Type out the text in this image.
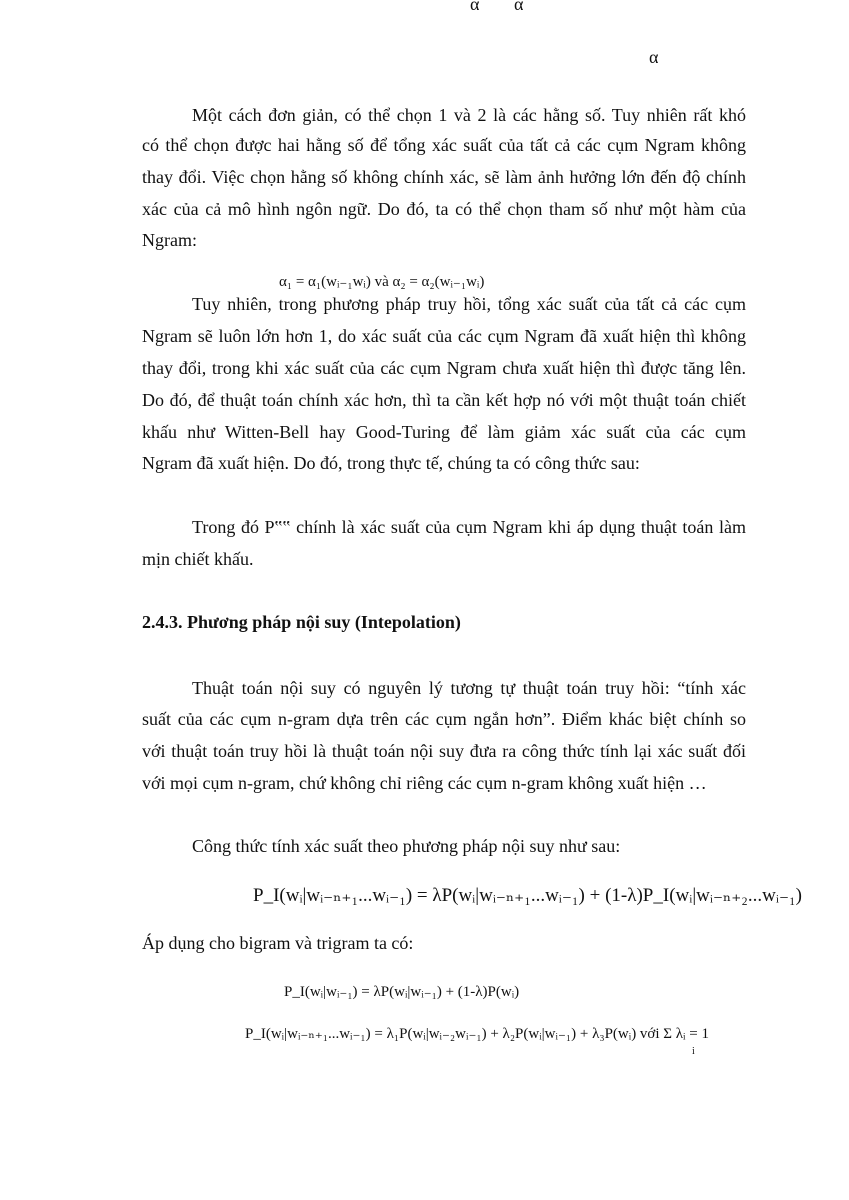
α α
α
Một cách đơn giản, có thể chọn 1 và 2 là các hằng số. Tuy nhiên rất khó
có thể chọn được hai hằng số để tổng xác suất của tất cả các cụm Ngram không
thay đổi. Việc chọn hằng số không chính xác, sẽ làm ảnh hưởng lớn đến độ chính
xác của cả mô hình ngôn ngữ. Do đó, ta có thể chọn tham số như một hàm của
Ngram:
α₁ = α₁(wᵢ₋₁wᵢ) và α₂ = α₂(wᵢ₋₁wᵢ)
Tuy nhiên, trong phương pháp truy hồi, tổng xác suất của tất cả các cụm
Ngram sẽ luôn lớn hơn 1, do xác suất của các cụm Ngram đã xuất hiện thì không
thay đổi, trong khi xác suất của các cụm Ngram chưa xuất hiện thì được tăng lên.
Do đó, để thuật toán chính xác hơn, thì ta cần kết hợp nó với một thuật toán chiết
khấu như Witten-Bell hay Good-Turing để làm giảm xác suất của các cụm
Ngram đã xuất hiện. Do đó, trong thực tế, chúng ta có công thức sau:
Trong đó P‟‟ chính là xác suất của cụm Ngram khi áp dụng thuật toán làm
mịn chiết khấu.
2.4.3. Phương pháp nội suy (Intepolation)
Thuật toán nội suy có nguyên lý tương tự thuật toán truy hồi: “tính xác
suất của các cụm n-gram dựa trên các cụm ngắn hơn”. Điểm khác biệt chính so
với thuật toán truy hồi là thuật toán nội suy đưa ra công thức tính lại xác suất đối
với mọi cụm n-gram, chứ không chỉ riêng các cụm n-gram không xuất hiện …
Công thức tính xác suất theo phương pháp nội suy như sau:
P_I(wᵢ|wᵢ₋ₙ₊₁...wᵢ₋₁) = λP(wᵢ|wᵢ₋ₙ₊₁...wᵢ₋₁) + (1-λ)P_I(wᵢ|wᵢ₋ₙ₊₂...wᵢ₋₁)
Áp dụng cho bigram và trigram ta có:
P_I(wᵢ|wᵢ₋₁) = λP(wᵢ|wᵢ₋₁) + (1-λ)P(wᵢ)
P_I(wᵢ|wᵢ₋ₙ₊₁...wᵢ₋₁) = λ₁P(wᵢ|wᵢ₋₂wᵢ₋₁) + λ₂P(wᵢ|wᵢ₋₁) + λ₃P(wᵢ) với Σ λᵢ = 1
i
